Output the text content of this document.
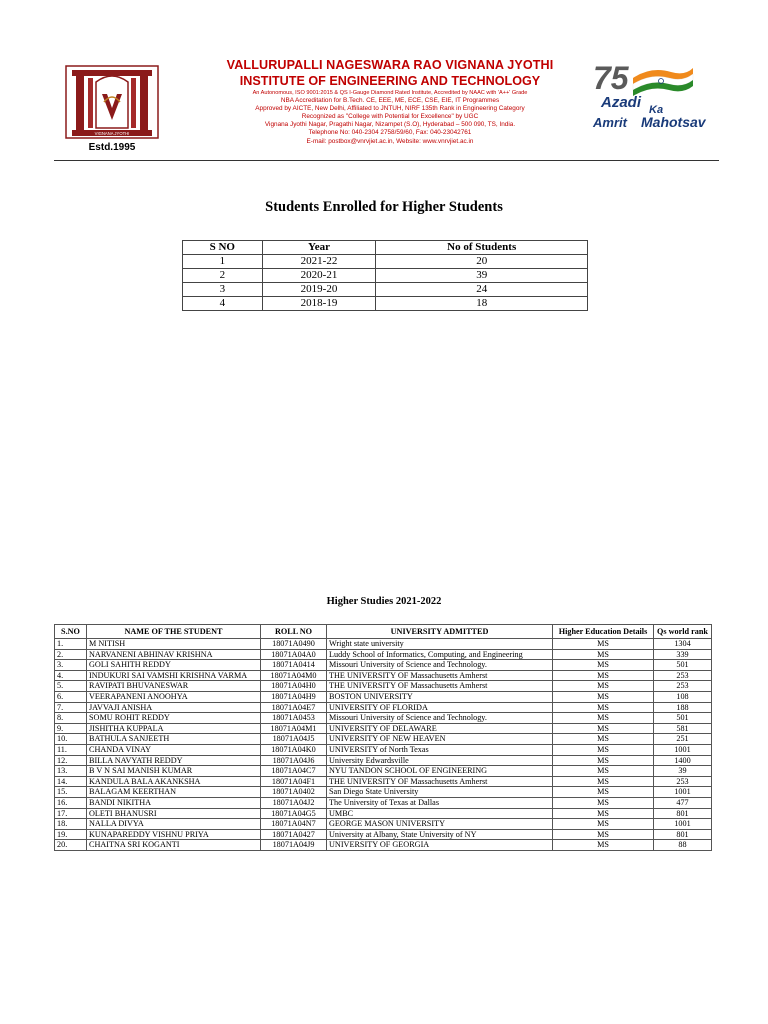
VIGNANA JYOTHI
Estd.1995
VALLURUPALLI NAGESWARA RAO VIGNANA JYOTHI
INSTITUTE OF ENGINEERING AND TECHNOLOGY
An Autonomous, ISO 9001:2015 & QS I-Gauge Diamond Rated Institute, Accredited by NAAC with 'A++' Grade
NBA Accreditation for B.Tech. CE, EEE, ME, ECE, CSE, EIE, IT Programmes
Approved by AICTE, New Delhi, Affiliated to JNTUH, NIRF 135th Rank in Engineering Category
Recognized as "College with Potential for Excellence" by UGC
Vignana Jyothi Nagar, Pragathi Nagar, Nizampet (S.O), Hyderabad – 500 090, TS, India.
Telephone No: 040-2304 2758/59/60, Fax: 040-23042761
E-mail: postbox@vnrvjiet.ac.in, Website: www.vnrvjiet.ac.in
75
Azadi Ka
Amrit Mahotsav
Students Enrolled for Higher Students
S NO	Year	No of Students
1	2021-22	20
2	2020-21	39
3	2019-20	24
4	2018-19	18
Higher Studies 2021-2022
S.NO	NAME OF THE STUDENT	ROLL NO	UNIVERSITY ADMITTED	Higher Education Details	Qs world rank
1.	M NITISH	18071A0490	Wright state university	MS	1304
2.	NARVANENI ABHINAV KRISHNA	18071A04A0	Luddy School of Informatics, Computing, and Engineering	MS	339
3.	GOLI SAHITH REDDY	18071A0414	Missouri University of Science and Technology.	MS	501
4.	INDUKURI SAI VAMSHI KRISHNA VARMA	18071A04M0	THE UNIVERSITY OF Massachusetts Amherst	MS	253
5.	RAVIPATI BHUVANESWAR	18071A04H0	THE UNIVERSITY OF Massachusetts Amherst	MS	253
6.	VEERAPANENI ANOOHYA	18071A04H9	BOSTON UNIVERSITY	MS	108
7.	JAVVAJI ANISHA	18071A04E7	UNIVERSITY OF FLORIDA	MS	188
8.	SOMU ROHIT REDDY	18071A0453	Missouri University of Science and Technology.	MS	501
9.	JISHITHA KUPPALA	18071A04M1	UNIVERSITY OF DELAWARE	MS	581
10.	BATHULA SANJEETH	18071A04J5	UNIVERSITY OF NEW HEAVEN	MS	251
11.	CHANDA VINAY	18071A04K0	UNIVERSITY of North Texas	MS	1001
12.	BILLA NAVYATH REDDY	18071A04J6	University Edwardsville	MS	1400
13.	B V N SAI MANISH KUMAR	18071A04C7	NYU TANDON SCHOOL OF ENGINEERING	MS	39
14.	KANDULA BALA AKANKSHA	18071A04F1	THE UNIVERSITY OF Massachusetts Amherst	MS	253
15.	BALAGAM KEERTHAN	18071A0402	San Diego State University	MS	1001
16.	BANDI NIKITHA	18071A04J2	The University of Texas at Dallas	MS	477
17.	OLETI BHANUSRI	18071A04G5	UMBC	MS	801
18.	NALLA DIVYA	18071A04N7	GEORGE MASON UNIVERSITY	MS	1001
19.	KUNAPAREDDY VISHNU PRIYA	18071A0427	University at Albany, State University of NY	MS	801
20.	CHAITNA SRI KOGANTI	18071A04J9	UNIVERSITY OF GEORGIA	MS	88
